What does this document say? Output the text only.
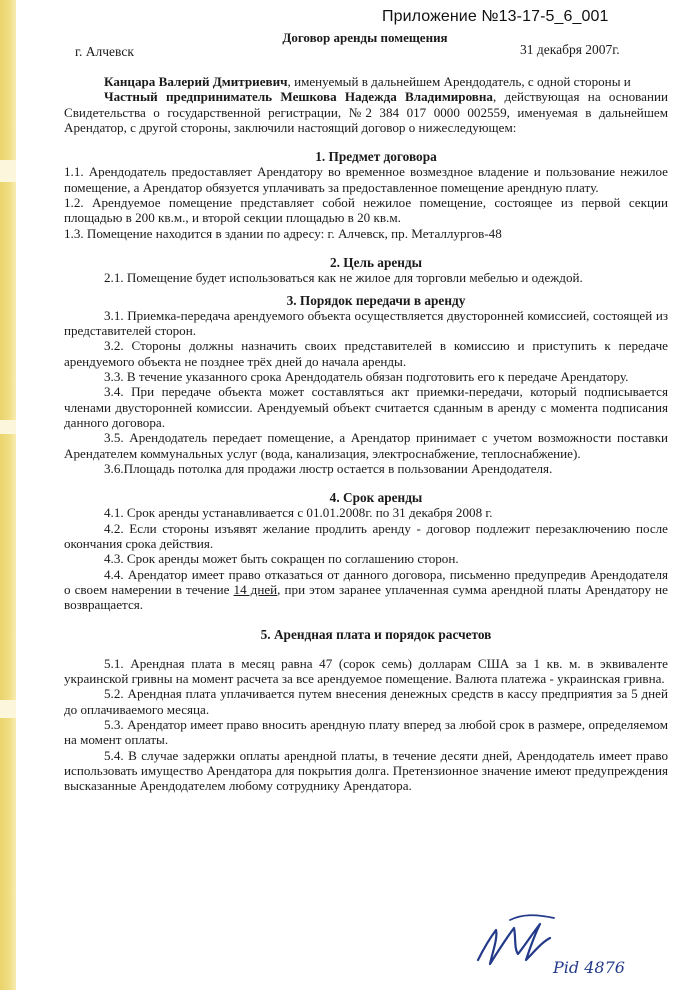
Приложение №13-17-5_6_001
Договор аренды помещения
г. Алчевск	31 декабря 2007г.

Канцара Валерий Дмитриевич, именуемый в дальнейшем Арендодатель, с одной стороны и

Частный предприниматель Мешкова Надежда Владимировна, действующая на основании Свидетельства о государственной регистрации, №2 384 017 0000 002559, именуемая в дальнейшем Арендатор, с другой стороны, заключили настоящий договор о нижеследующем:

1. Предмет договора

1.1. Арендодатель предоставляет Арендатору во временное возмездное владение и пользование нежилое помещение, а Арендатор обязуется уплачивать за предоставленное помещение арендную плату.

1.2. Арендуемое помещение представляет собой нежилое помещение, состоящее из первой секции площадью в 200 кв.м., и второй секции площадью в 20 кв.м.

1.3. Помещение находится в здании по адресу: г. Алчевск, пр. Металлургов-48

2. Цель аренды

2.1. Помещение будет использоваться как не жилое для торговли мебелью и одеждой.

3. Порядок передачи в аренду

3.1. Приемка-передача арендуемого объекта осуществляется двусторонней комиссией, состоящей из представителей сторон.

3.2. Стороны должны назначить своих представителей в комиссию и приступить к передаче арендуемого объекта не позднее трёх дней до начала аренды.

3.3. В течение указанного срока Арендодатель обязан подготовить его к передаче Арендатору.

3.4. При передаче объекта может составляться акт приемки-передачи, который подписывается членами двусторонней комиссии. Арендуемый объект считается сданным в аренду с момента подписания данного договора.

3.5. Арендодатель передает помещение, а Арендатор принимает с учетом возможности поставки Арендателем коммунальных услуг (вода, канализация, электроснабжение, теплоснабжение).

3.6.Площадь потолка для продажи люстр остается в пользовании Арендодателя.

4. Срок аренды

4.1. Срок аренды устанавливается с 01.01.2008г. по 31 декабря 2008 г.

4.2. Если стороны изъявят желание продлить аренду - договор подлежит перезаключению после окончания срока действия.

4.3. Срок аренды может быть сокращен по соглашению сторон.

4.4. Арендатор имеет право отказаться от данного договора, письменно предупредив Арендодателя о своем намерении в течение 14 дней, при этом заранее уплаченная сумма арендной платы Арендатору не возвращается.

5. Арендная плата и порядок расчетов

5.1. Арендная плата в месяц равна 47 (сорок семь) долларам США за 1 кв. м. в эквиваленте украинской гривны на момент расчета за все арендуемое помещение. Валюта платежа - украинская гривна.

5.2. Арендная плата уплачивается путем внесения денежных средств в кассу предприятия за 5 дней до оплачиваемого месяца.

5.3. Арендатор имеет право вносить арендную плату вперед за любой срок в размере, определяемом на момент оплаты.

5.4. В случае задержки оплаты арендной платы, в течение десяти дней, Арендодатель имеет право использовать имущество Арендатора для покрытия долга. Претензионное значение имеют предупреждения высказанные Арендодателем любому сотруднику Арендатора.

Рid 4876
